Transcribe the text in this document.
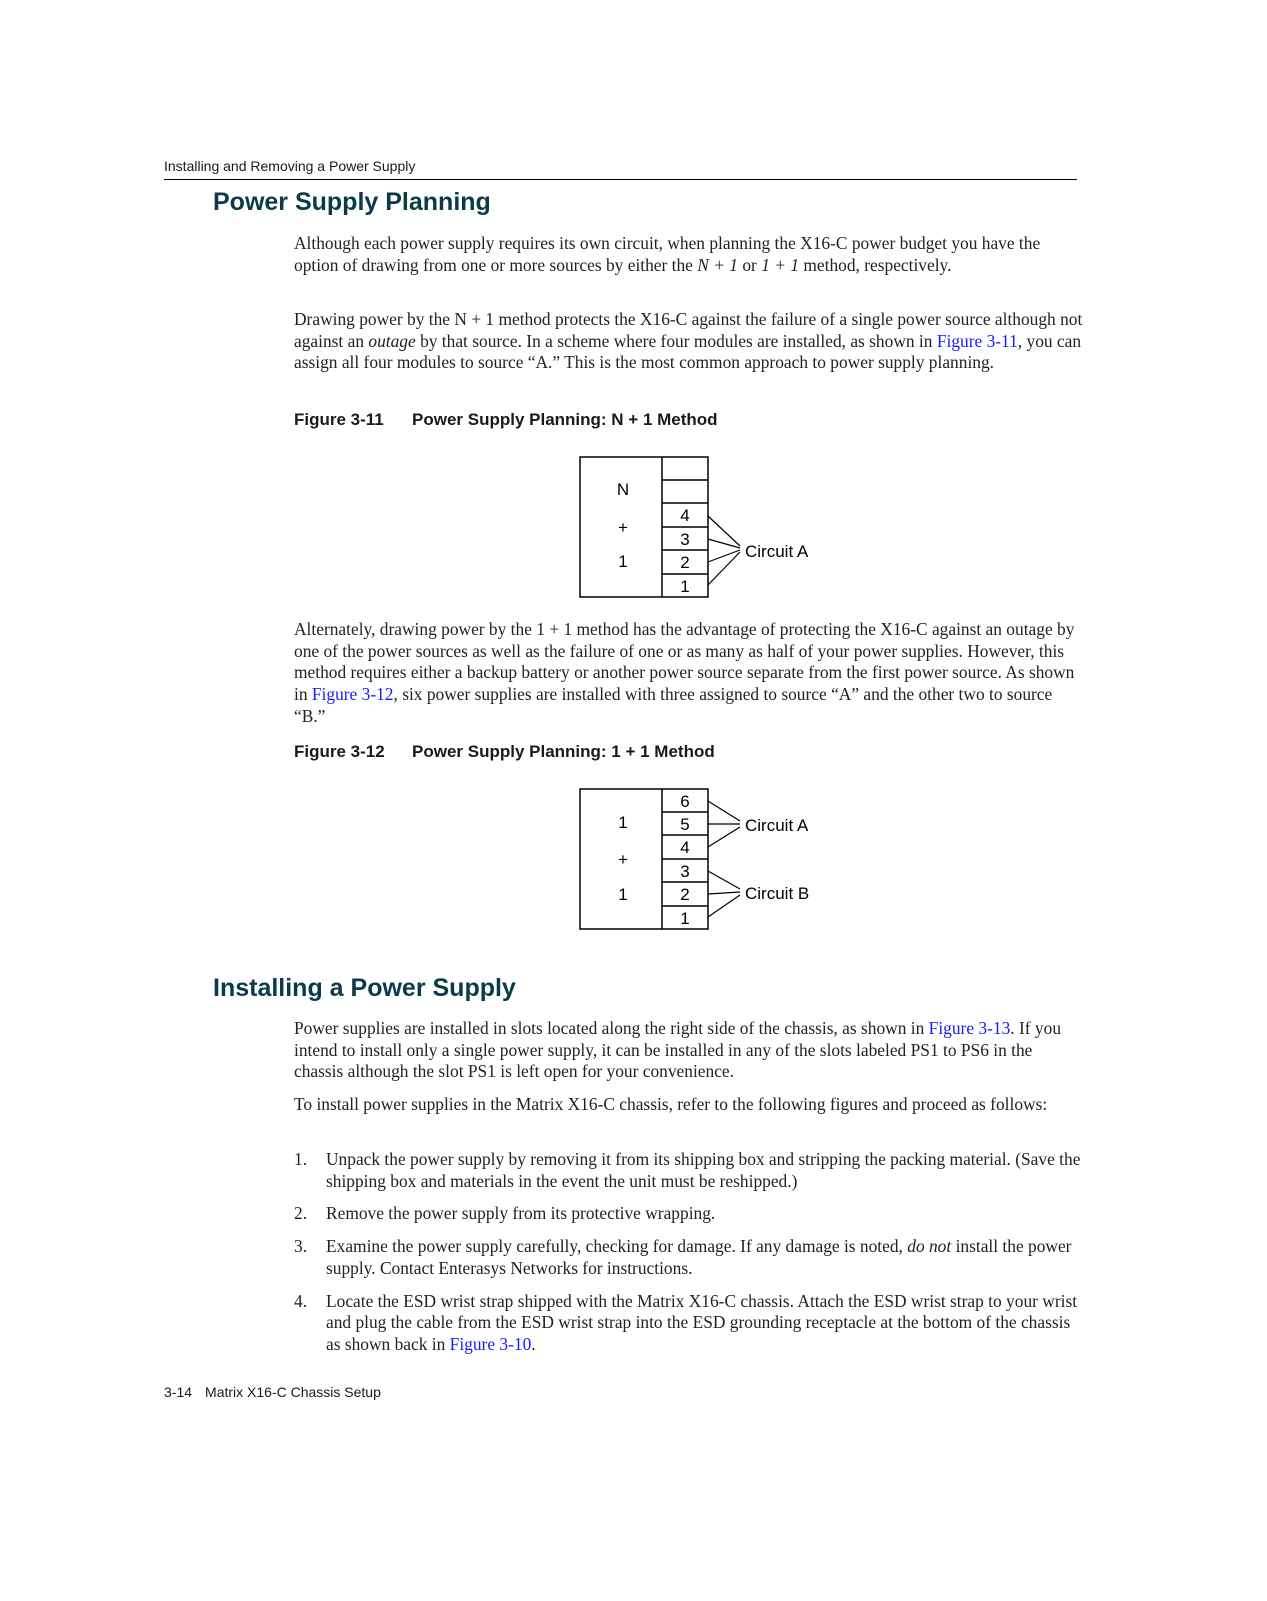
Installing and Removing a Power Supply
Power Supply Planning
Although each power supply requires its own circuit, when planning the X16-C power budget you have the option of drawing from one or more sources by either the N + 1 or 1 + 1 method, respectively.
Drawing power by the N + 1 method protects the X16-C against the failure of a single power source although not against an outage by that source. In a scheme where four modules are installed, as shown in Figure 3-11, you can assign all four modules to source “A.” This is the most common approach to power supply planning.
Figure 3-11 Power Supply Planning: N + 1 Method
N
+
1
4
3
2
1
Circuit A
Alternately, drawing power by the 1 + 1 method has the advantage of protecting the X16-C against an outage by one of the power sources as well as the failure of one or as many as half of your power supplies. However, this method requires either a backup battery or another power source separate from the first power source. As shown in Figure 3-12, six power supplies are installed with three assigned to source “A” and the other two to source “B.”
Figure 3-12 Power Supply Planning: 1 + 1 Method
1
+
1
6
5
4
3
2
1
Circuit A
Circuit B
Installing a Power Supply
Power supplies are installed in slots located along the right side of the chassis, as shown in Figure 3-13. If you intend to install only a single power supply, it can be installed in any of the slots labeled PS1 to PS6 in the chassis although the slot PS1 is left open for your convenience.
To install power supplies in the Matrix X16-C chassis, refer to the following figures and proceed as follows:
1. Unpack the power supply by removing it from its shipping box and stripping the packing material. (Save the shipping box and materials in the event the unit must be reshipped.)
2. Remove the power supply from its protective wrapping.
3. Examine the power supply carefully, checking for damage. If any damage is noted, do not install the power supply. Contact Enterasys Networks for instructions.
4. Locate the ESD wrist strap shipped with the Matrix X16-C chassis. Attach the ESD wrist strap to your wrist and plug the cable from the ESD wrist strap into the ESD grounding receptacle at the bottom of the chassis as shown back in Figure 3-10.
3-14 Matrix X16-C Chassis Setup
